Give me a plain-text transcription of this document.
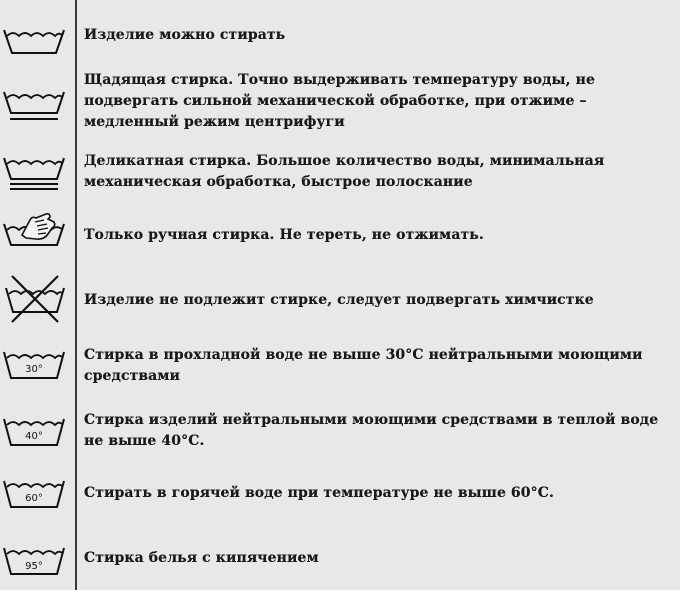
Изделие можно стирать
Щадящая стирка. Точно выдерживать температуру воды, не подвергать сильной механической обработке, при отжиме – медленный режим центрифуги
Деликатная стирка. Большое количество воды, минимальная механическая обработка, быстрое полоскание
Только ручная стирка. Не тереть, не отжимать.
Изделие не подлежит стирке, следует подвергать химчистке
30°
Стирка в прохладной воде не выше 30°С нейтральными моющими средствами
40°
Стирка изделий нейтральными моющими средствами в теплой воде не выше 40°С.
60°	Стирать в горячей воде при температуре не выше 60°С.
95°
Стирка белья с кипячением
